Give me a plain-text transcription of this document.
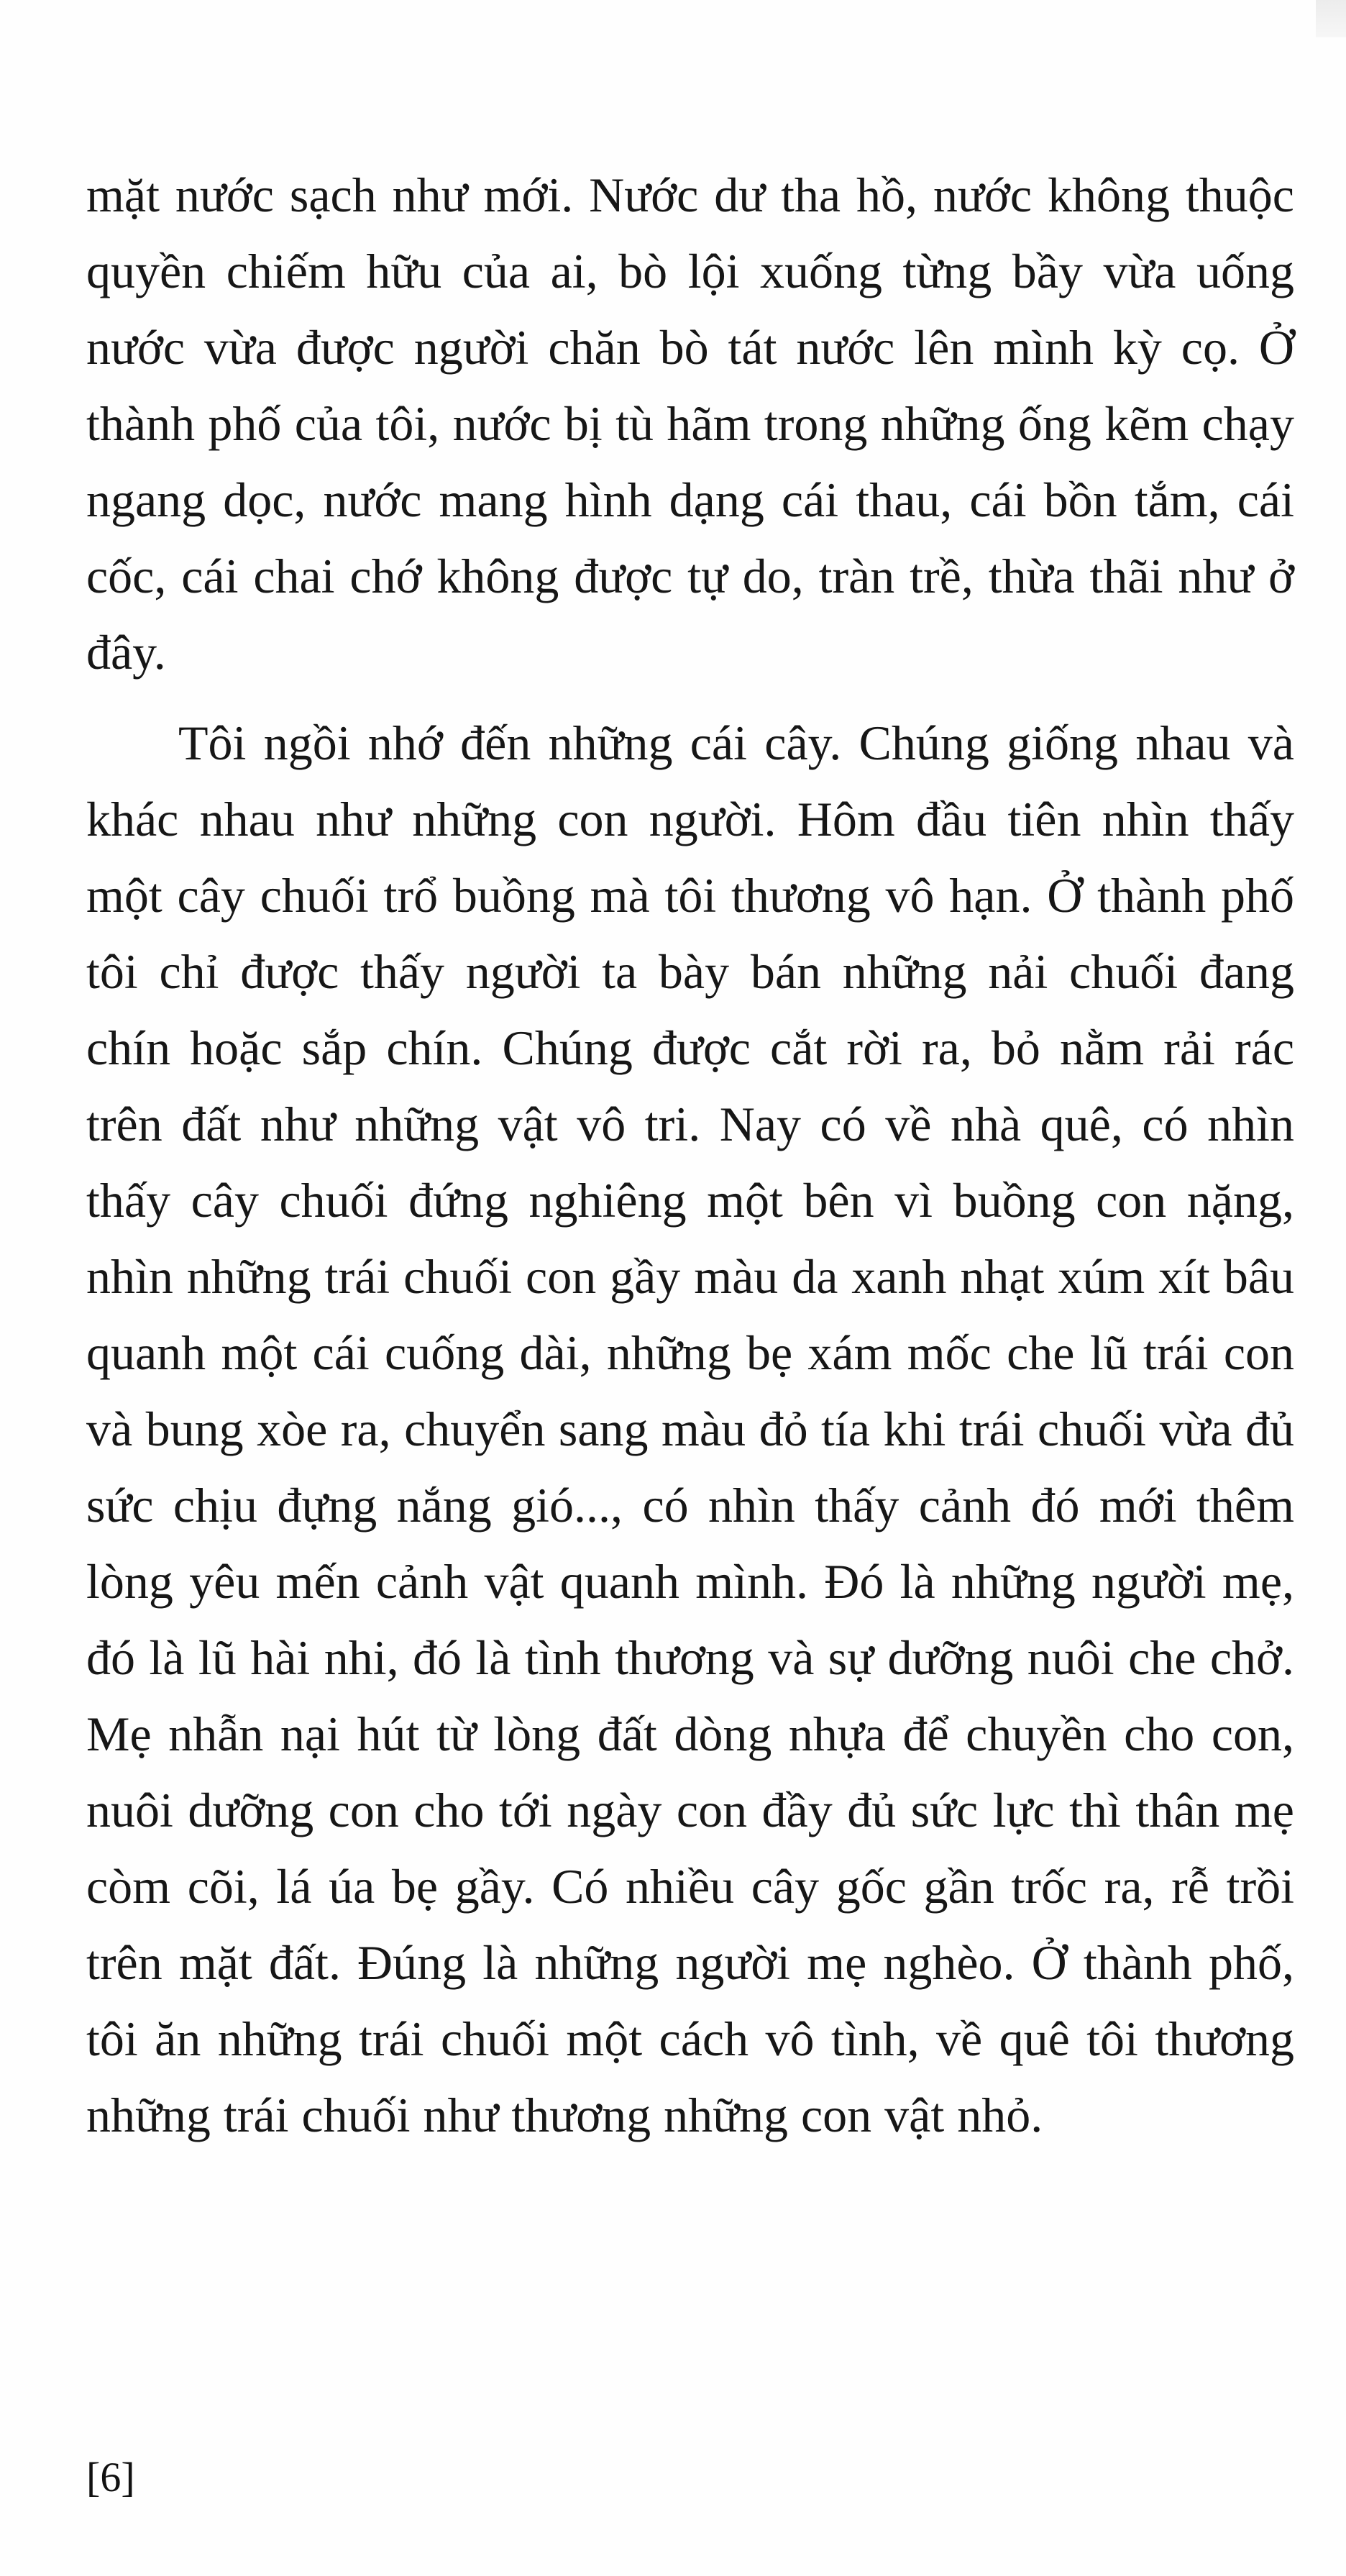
mặt nước sạch như mới. Nước dư tha hồ, nước không thuộc quyền chiếm hữu của ai, bò lội xuống từng bầy vừa uống nước vừa được người chăn bò tát nước lên mình kỳ cọ. Ở thành phố của tôi, nước bị tù hãm trong những ống kẽm chạy ngang dọc, nước mang hình dạng cái thau, cái bồn tắm, cái cốc, cái chai chớ không được tự do, tràn trề, thừa thãi như ở đây.

Tôi ngồi nhớ đến những cái cây. Chúng giống nhau và khác nhau như những con người. Hôm đầu tiên nhìn thấy một cây chuối trổ buồng mà tôi thương vô hạn. Ở thành phố tôi chỉ được thấy người ta bày bán những nải chuối đang chín hoặc sắp chín. Chúng được cắt rời ra, bỏ nằm rải rác trên đất như những vật vô tri. Nay có về nhà quê, có nhìn thấy cây chuối đứng nghiêng một bên vì buồng con nặng, nhìn những trái chuối con gầy màu da xanh nhạt xúm xít bâu quanh một cái cuống dài, những bẹ xám mốc che lũ trái con và bung xòe ra, chuyển sang màu đỏ tía khi trái chuối vừa đủ sức chịu đựng nắng gió..., có nhìn thấy cảnh đó mới thêm lòng yêu mến cảnh vật quanh mình. Đó là những người mẹ, đó là lũ hài nhi, đó là tình thương và sự dưỡng nuôi che chở. Mẹ nhẫn nại hút từ lòng đất dòng nhựa để chuyền cho con, nuôi dưỡng con cho tới ngày con đầy đủ sức lực thì thân mẹ còm cõi, lá úa bẹ gầy. Có nhiều cây gốc gần trốc ra, rễ trồi trên mặt đất. Đúng là những người mẹ nghèo. Ở thành phố, tôi ăn những trái chuối một cách vô tình, về quê tôi thương những trái chuối như thương những con vật nhỏ.

[6]
